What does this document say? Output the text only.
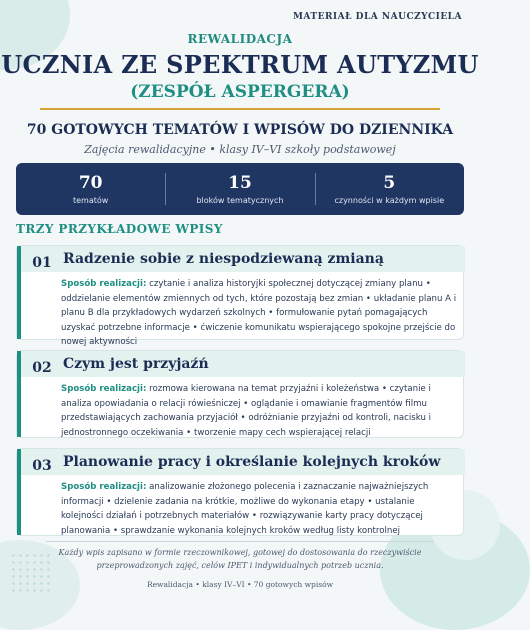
MATERIAŁ DLA NAUCZYCIELA
REWALIDACJA
UCZNIA ZE SPEKTRUM AUTYZMU
(ZESPÓŁ ASPERGERA)
70 GOTOWYCH TEMATÓW I WPISÓW DO DZIENNIKA
Zajęcia rewalidacyjne • klasy IV–VI szkoły podstawowej
70
tematów
15
bloków tematycznych
5
czynności w każdym wpisie
TRZY PRZYKŁADOWE WPISY
01 Radzenie sobie z niespodziewaną zmianą
Sposób realizacji: czytanie i analiza historyjki społecznej dotyczącej zmiany planu • oddzielanie elementów zmiennych od tych, które pozostają bez zmian • układanie planu A i planu B dla przykładowych wydarzeń szkolnych • formułowanie pytań pomagających uzyskać potrzebne informacje • ćwiczenie komunikatu wspierającego spokojne przejście do nowej aktywności
02 Czym jest przyjaźń
Sposób realizacji: rozmowa kierowana na temat przyjaźni i koleżeństwa • czytanie i analiza opowiadania o relacji rówieśniczej • oglądanie i omawianie fragmentów filmu przedstawiających zachowania przyjaciół • odróżnianie przyjaźni od kontroli, nacisku i jednostronnego oczekiwania • tworzenie mapy cech wspierającej relacji
03 Planowanie pracy i określanie kolejnych kroków
Sposób realizacji: analizowanie złożonego polecenia i zaznaczanie najważniejszych informacji • dzielenie zadania na krótkie, możliwe do wykonania etapy • ustalanie kolejności działań i potrzebnych materiałów • rozwiązywanie karty pracy dotyczącej planowania • sprawdzanie wykonania kolejnych kroków według listy kontrolnej
Każdy wpis zapisano w formie rzeczownikowej, gotowej do dostosowania do rzeczywiście przeprowadzonych zajęć, celów IPET i indywidualnych potrzeb ucznia.
Rewalidacja • klasy IV–VI • 70 gotowych wpisów
